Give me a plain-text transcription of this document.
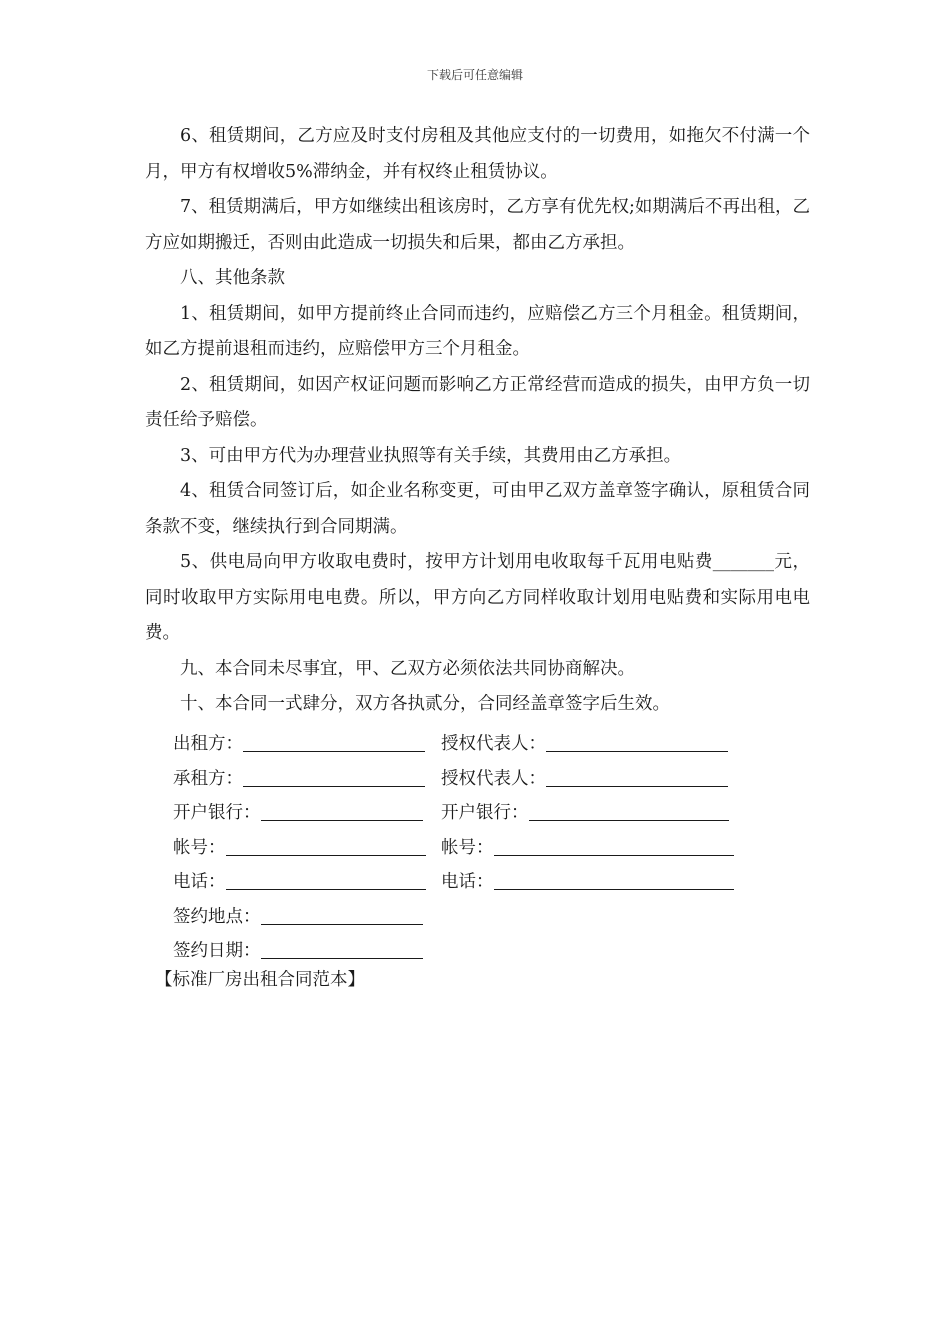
下载后可任意编辑

6、租赁期间，乙方应及时支付房租及其他应支付的一切费用，如拖欠不付满一个月，甲方有权增收5%滞纳金，并有权终止租赁协议。

7、租赁期满后，甲方如继续出租该房时，乙方享有优先权;如期满后不再出租，乙方应如期搬迁，否则由此造成一切损失和后果，都由乙方承担。

八、其他条款

1、租赁期间，如甲方提前终止合同而违约，应赔偿乙方三个月租金。租赁期间，如乙方提前退租而违约，应赔偿甲方三个月租金。

2、租赁期间，如因产权证问题而影响乙方正常经营而造成的损失，由甲方负一切责任给予赔偿。

3、可由甲方代为办理营业执照等有关手续，其费用由乙方承担。

4、租赁合同签订后，如企业名称变更，可由甲乙双方盖章签字确认，原租赁合同条款不变，继续执行到合同期满。

5、供电局向甲方收取电费时，按甲方计划用电收取每千瓦用电贴费_______元，同时收取甲方实际用电电费。所以，甲方向乙方同样收取计划用电贴费和实际用电电费。

九、本合同未尽事宜，甲、乙双方必须依法共同协商解决。

十、本合同一式肆分，双方各执贰分，合同经盖章签字后生效。

出租方：	授权代表人：
承租方：	授权代表人：
开户银行：	开户银行：
帐号：	帐号：
电话：	电话：
签约地点：
签约日期：
【标准厂房出租合同范本】
